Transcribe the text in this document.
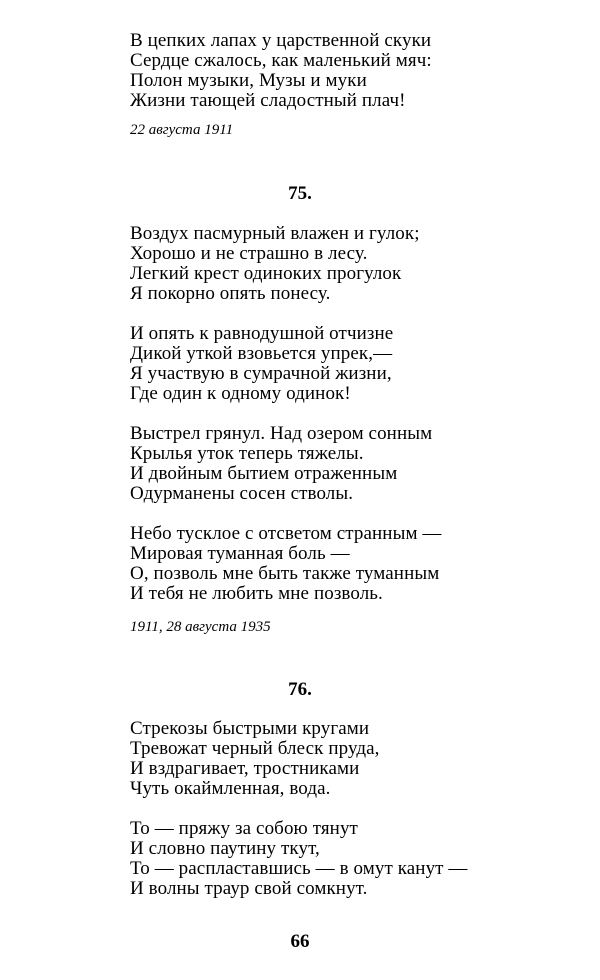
В цепких лапах у царственной скуки
Сердце сжалось, как маленький мяч:
Полон музыки, Музы и муки
Жизни тающей сладостный плач!
22 августа 1911
75.
Воздух пасмурный влажен и гулок;
Хорошо и не страшно в лесу.
Легкий крест одиноких прогулок
Я покорно опять понесу.
И опять к равнодушной отчизне
Дикой уткой взовьется упрек,—
Я участвую в сумрачной жизни,
Где один к одному одинок!
Выстрел грянул. Над озером сонным
Крылья уток теперь тяжелы.
И двойным бытием отраженным
Одурманены сосен стволы.
Небо тусклое с отсветом странным —
Мировая туманная боль —
О, позволь мне быть также туманным
И тебя не любить мне позволь.
1911, 28 августа 1935
76.
Стрекозы быстрыми кругами
Тревожат черный блеск пруда,
И вздрагивает, тростниками
Чуть окаймленная, вода.
То — пряжу за собою тянут
И словно паутину ткут,
То — распластавшись — в омут канут —
И волны траур свой сомкнут.
66
